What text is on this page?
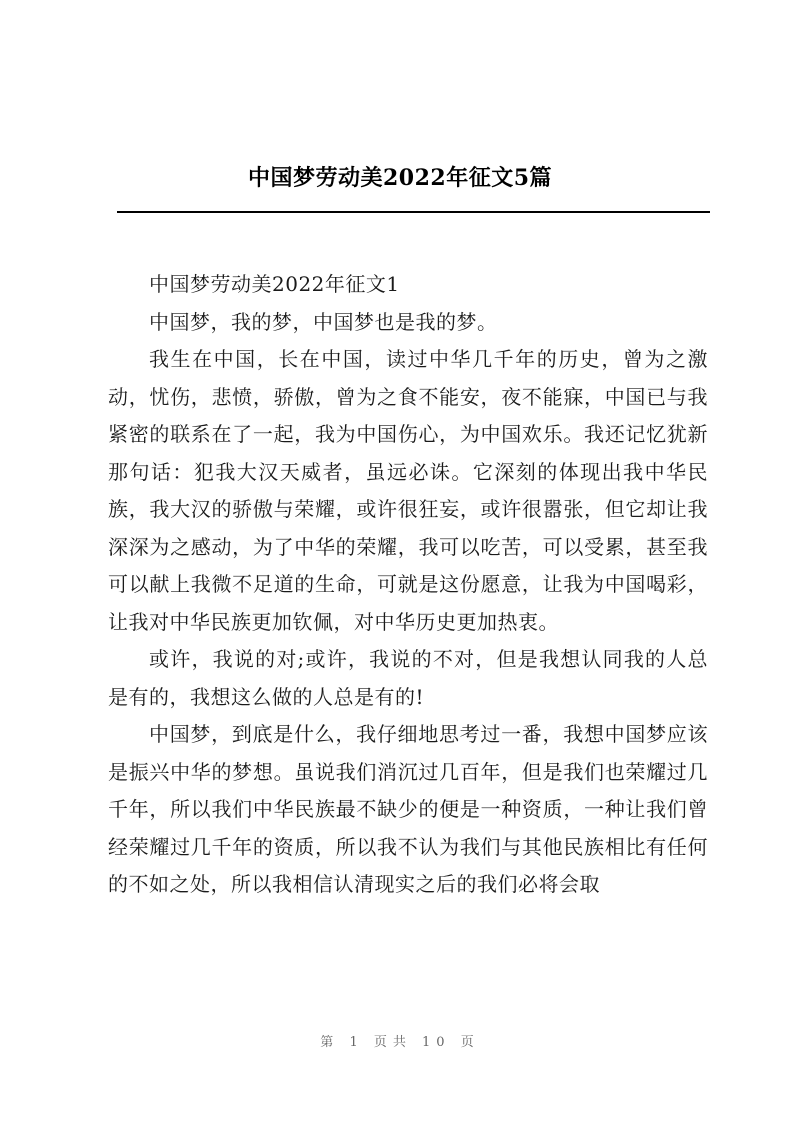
中国梦劳动美2022年征文5篇

中国梦劳动美2022年征文1

中国梦，我的梦，中国梦也是我的梦。

我生在中国，长在中国，读过中华几千年的历史，曾为之激动，忧伤，悲愤，骄傲，曾为之食不能安，夜不能寐，中国已与我紧密的联系在了一起，我为中国伤心，为中国欢乐。我还记忆犹新那句话：犯我大汉天威者，虽远必诛。它深刻的体现出我中华民族，我大汉的骄傲与荣耀，或许很狂妄，或许很嚣张，但它却让我深深为之感动，为了中华的荣耀，我可以吃苦，可以受累，甚至我可以献上我微不足道的生命，可就是这份愿意，让我为中国喝彩，让我对中华民族更加钦佩，对中华历史更加热衷。

或许，我说的对;或许，我说的不对，但是我想认同我的人总是有的，我想这么做的人总是有的!

中国梦，到底是什么，我仔细地思考过一番，我想中国梦应该是振兴中华的梦想。虽说我们消沉过几百年，但是我们也荣耀过几千年，所以我们中华民族最不缺少的便是一种资质，一种让我们曾经荣耀过几千年的资质，所以我不认为我们与其他民族相比有任何的不如之处，所以我相信认清现实之后的我们必将会取

第 1 页共 10 页
